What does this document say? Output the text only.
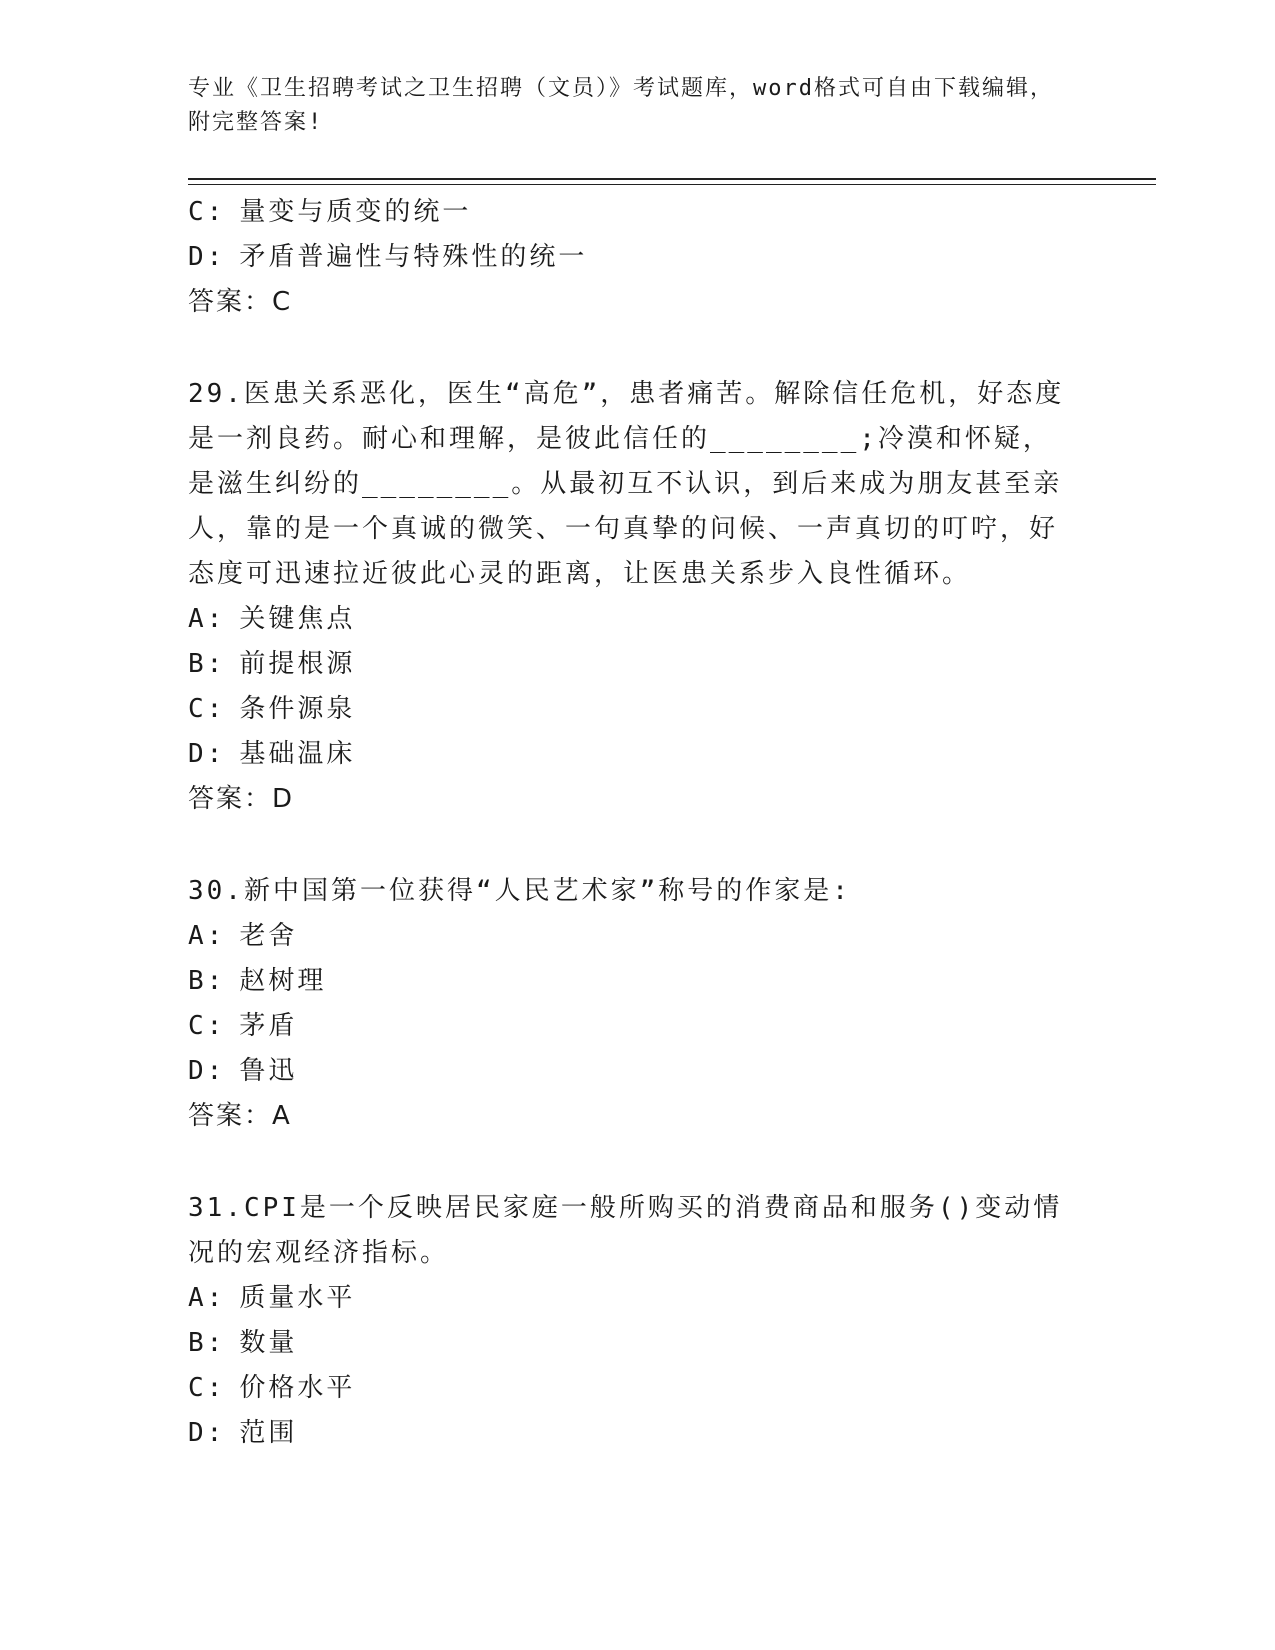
专业《卫生招聘考试之卫生招聘（文员）》考试题库，word格式可自由下载编辑，附完整答案!
C: 量变与质变的统一
D: 矛盾普遍性与特殊性的统一
答案：C
29.医患关系恶化，医生“高危”，患者痛苦。解除信任危机，好态度是一剂良药。耐心和理解，是彼此信任的________;冷漠和怀疑，是滋生纠纷的________。从最初互不认识，到后来成为朋友甚至亲人，靠的是一个真诚的微笑、一句真挚的问候、一声真切的叮咛，好态度可迅速拉近彼此心灵的距离，让医患关系步入良性循环。
A: 关键焦点
B: 前提根源
C: 条件源泉
D: 基础温床
答案：D
30.新中国第一位获得“人民艺术家”称号的作家是:
A: 老舍
B: 赵树理
C: 茅盾
D: 鲁迅
答案：A
31.CPI是一个反映居民家庭一般所购买的消费商品和服务()变动情况的宏观经济指标。
A: 质量水平
B: 数量
C: 价格水平
D: 范围
